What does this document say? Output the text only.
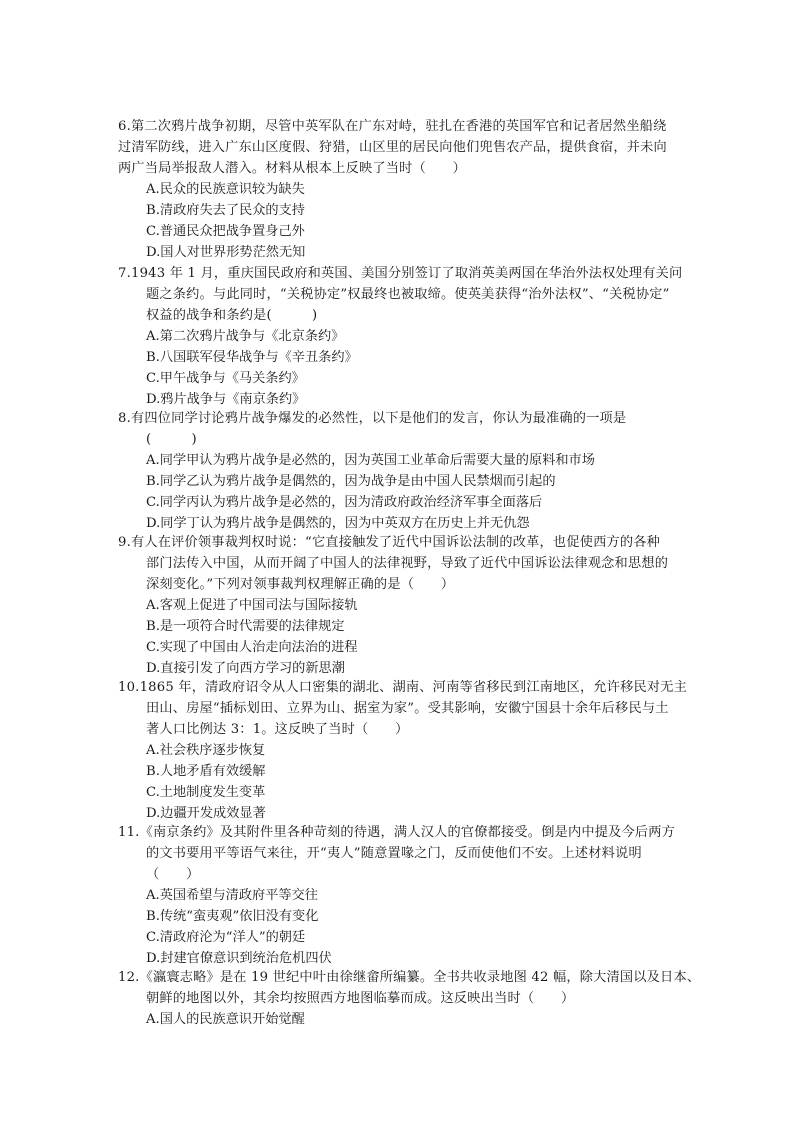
6.第二次鸦片战争初期，尽管中英军队在广东对峙，驻扎在香港的英国军官和记者居然坐船绕
过清军防线，进入广东山区度假、狩猎，山区里的居民向他们兜售农产品，提供食宿，并未向
两广当局举报敌人潜入。材料从根本上反映了当时（　　）
A.民众的民族意识较为缺失
B.清政府失去了民众的支持
C.普通民众把战争置身己外
D.国人对世界形势茫然无知
7.1943 年 1 月，重庆国民政府和英国、美国分别签订了取消英美两国在华治外法权处理有关问
题之条约。与此同时，“关税协定”权最终也被取缔。使英美获得“治外法权”、“关税协定”
权益的战争和条约是(　　　)
A.第二次鸦片战争与《北京条约》
B.八国联军侵华战争与《辛丑条约》
C.甲午战争与《马关条约》
D.鸦片战争与《南京条约》
8.有四位同学讨论鸦片战争爆发的必然性，以下是他们的发言，你认为最准确的一项是
(　　　)
A.同学甲认为鸦片战争是必然的，因为英国工业革命后需要大量的原料和市场
B.同学乙认为鸦片战争是偶然的，因为战争是由中国人民禁烟而引起的
C.同学丙认为鸦片战争是必然的，因为清政府政治经济军事全面落后
D.同学丁认为鸦片战争是偶然的，因为中英双方在历史上并无仇怨
9.有人在评价领事裁判权时说：“它直接触发了近代中国诉讼法制的改革，也促使西方的各种
部门法传入中国，从而开阔了中国人的法律视野，导致了近代中国诉讼法律观念和思想的
深刻变化。”下列对领事裁判权理解正确的是（　　）
A.客观上促进了中国司法与国际接轨
B.是一项符合时代需要的法律规定
C.实现了中国由人治走向法治的进程
D.直接引发了向西方学习的新思潮
10.1865 年，清政府诏令从人口密集的湖北、湖南、河南等省移民到江南地区，允许移民对无主
田山、房屋“插标划田、立界为山、据室为家”。受其影响，安徽宁国县十余年后移民与土
著人口比例达 3：1。这反映了当时（　　）
A.社会秩序逐步恢复
B.人地矛盾有效缓解
C.土地制度发生变革
D.边疆开发成效显著
11.《南京条约》及其附件里各种苛刻的待遇，满人汉人的官僚都接受。倒是内中提及今后两方
的文书要用平等语气来往，开“夷人”随意置喙之门，反而使他们不安。上述材料说明
（　　）
A.英国希望与清政府平等交往
B.传统“蛮夷观”依旧没有变化
C.清政府沦为“洋人”的朝廷
D.封建官僚意识到统治危机四伏
12.《瀛寰志略》是在 19 世纪中叶由徐继畲所编纂。全书共收录地图 42 幅，除大清国以及日本、
朝鲜的地图以外，其余均按照西方地图临摹而成。这反映出当时（　　）
A.国人的民族意识开始觉醒
